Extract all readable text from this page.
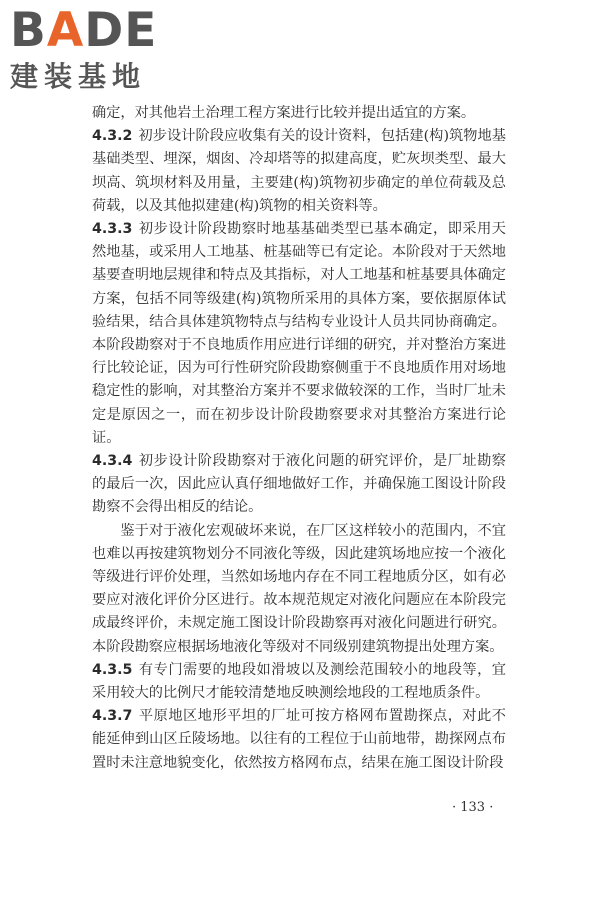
BADE
建装基地

确定，对其他岩土治理工程方案进行比较并提出适宜的方案。

4.3.2 初步设计阶段应收集有关的设计资料，包括建(构)筑物地基基础类型、埋深，烟囱、冷却塔等的拟建高度，贮灰坝类型、最大坝高、筑坝材料及用量，主要建(构)筑物初步确定的单位荷载及总荷载，以及其他拟建建(构)筑物的相关资料等。

4.3.3 初步设计阶段勘察时地基基础类型已基本确定，即采用天然地基，或采用人工地基、桩基础等已有定论。本阶段对于天然地基要查明地层规律和特点及其指标，对人工地基和桩基要具体确定方案，包括不同等级建(构)筑物所采用的具体方案，要依据原体试验结果，结合具体建筑物特点与结构专业设计人员共同协商确定。本阶段勘察对于不良地质作用应进行详细的研究，并对整治方案进行比较论证，因为可行性研究阶段勘察侧重于不良地质作用对场地稳定性的影响，对其整治方案并不要求做较深的工作，当时厂址未定是原因之一，而在初步设计阶段勘察要求对其整治方案进行论证。

4.3.4 初步设计阶段勘察对于液化问题的研究评价，是厂址勘察的最后一次，因此应认真仔细地做好工作，并确保施工图设计阶段勘察不会得出相反的结论。

鉴于对于液化宏观破坏来说，在厂区这样较小的范围内，不宜也难以再按建筑物划分不同液化等级，因此建筑场地应按一个液化等级进行评价处理，当然如场地内存在不同工程地质分区，如有必要应对液化评价分区进行。故本规范规定对液化问题应在本阶段完成最终评价，未规定施工图设计阶段勘察再对液化问题进行研究。本阶段勘察应根据场地液化等级对不同级别建筑物提出处理方案。

4.3.5 有专门需要的地段如滑坡以及测绘范围较小的地段等，宜采用较大的比例尺才能较清楚地反映测绘地段的工程地质条件。

4.3.7 平原地区地形平坦的厂址可按方格网布置勘探点，对此不能延伸到山区丘陵场地。以往有的工程位于山前地带，勘探网点布置时未注意地貌变化，依然按方格网布点，结果在施工图设计阶段

· 133 ·
